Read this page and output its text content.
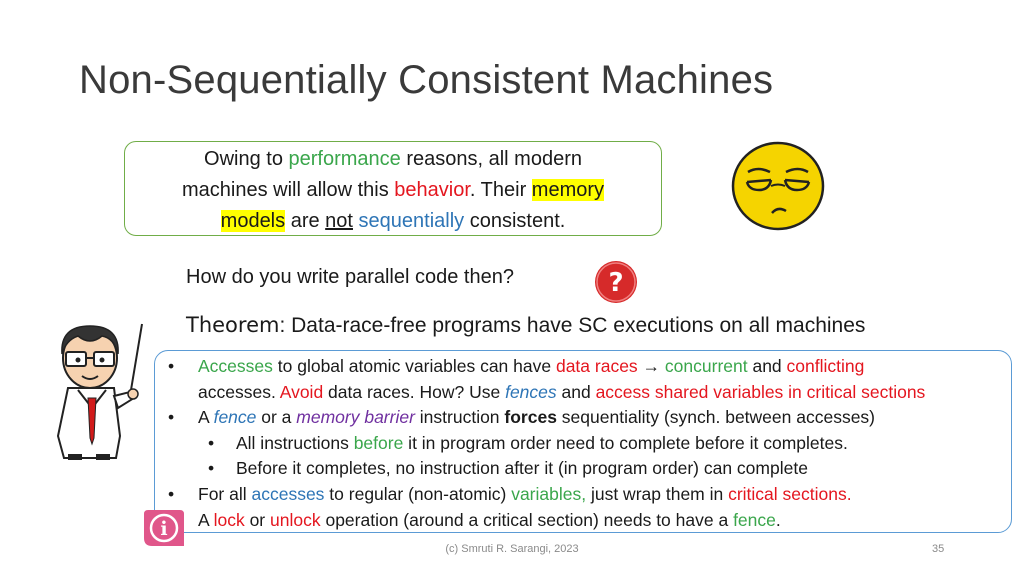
Non-Sequentially Consistent Machines
Owing to performance reasons, all modern
machines will allow this behavior. Their memory
models are not sequentially consistent.
How do you write parallel code then?	?
Theorem: Data-race-free programs have SC executions on all machines
• Accesses to global atomic variables can have data races → concurrent and conflicting
accesses. Avoid data races. How? Use fences and access shared variables in critical sections
• A fence or a memory barrier instruction forces sequentiality (synch. between accesses)
• All instructions before it in program order need to complete before it completes.
• Before it completes, no instruction after it (in program order) can complete
• For all accesses to regular (non-atomic) variables, just wrap them in critical sections.
A lock or unlock operation (around a critical section) needs to have a fence.
i
(c) Smruti R. Sarangi, 2023	35
